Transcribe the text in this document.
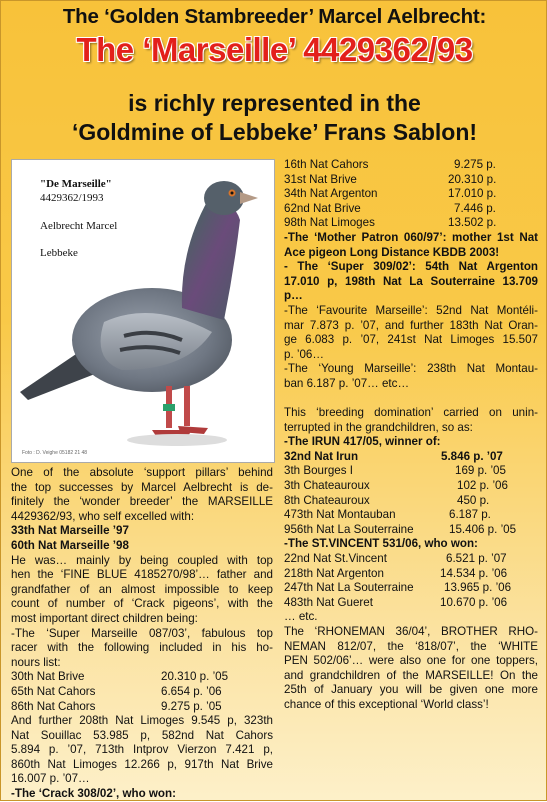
The ‘Golden Stambreeder’ Marcel Aelbrecht:
The ‘Marseille’ 4429362/93
is richly represented in the
‘Goldmine of Lebbeke’ Frans Sablon!
"De Marseille"
4429362/1993
Aelbrecht Marcel
Lebbeke
Foto : D. Veighe 05182 21 48
One of the absolute ‘support pillars’ behind
the top successes by Marcel Aelbrecht is de-
finitely the ‘wonder breeder’ the MARSEILLE
4429362/93, who self excelled with:
33th Nat Marseille ’97
60th Nat Marseille ’98
He was… mainly by being coupled with top
hen the ‘FINE BLUE 4185270/98’… father and
grandfather of an almost impossible to keep
count of number of ‘Crack pigeons’, with the
most important direct children being:
-The ‘Super Marseille 087/03’, fabulous top
racer with the following included in his ho-
nours list:
30th Nat Brive	20.310 p. ’05
65th Nat Cahors	6.654 p. ’06
86th Nat Cahors	9.275 p. ’05
And further 208th Nat Limoges 9.545 p, 323th
Nat Souillac 53.985 p, 582nd Nat Cahors
5.894 p. ’07, 713th Intprov Vierzon 7.421 p,
860th Nat Limoges 12.266 p, 917th Nat Brive
16.007 p. ’07…
-The ‘Crack 308/02’, who won:
16th Nat Cahors	9.275 p.
31st Nat Brive	20.310 p.
34th Nat Argenton	17.010 p.
62nd Nat Brive	7.446 p.
98th Nat Limoges	13.502 p.
-The ‘Mother Patron 060/97’: mother 1st Nat
Ace pigeon Long Distance KBDB 2003!
- The ‘Super 309/02’: 54th Nat Argenton
17.010 p, 198th Nat La Souterraine 13.709
p…
-The ‘Favourite Marseille’: 52nd Nat Montéli-
mar 7.873 p. ’07, and further 183th Nat Oran-
ge 6.083 p. ’07, 241st Nat Limoges 15.507
p. ’06…
-The ‘Young Marseille’: 238th Nat Montau-
ban 6.187 p. ’07… etc…
This ‘breeding domination’ carried on unin-
terrupted in the grandchildren, so as:
-The IRUN 417/05, winner of:
32nd Nat Irun	5.846 p. ’07
3th Bourges I	169 p. ’05
3th Chateauroux	102 p. ’06
8th Chateauroux	450 p.
473th Nat Montauban	6.187 p.
956th Nat La Souterraine	15.406 p. ’05
-The ST.VINCENT 531/06, who won:
22nd Nat St.Vincent	6.521 p. ’07
218th Nat Argenton	14.534 p. ’06
247th Nat La Souterraine	13.965 p. ’06
483th Nat Gueret	10.670 p. ’06
… etc.
The ‘RHONEMAN 36/04’, BROTHER RHO-
NEMAN 812/07, the ‘818/07’, the ‘WHITE
PEN 502/06’… were also one for one toppers,
and grandchildren of the MARSEILLE! On the
25th of January you will be given one more
chance of this exceptional ‘World class’!
